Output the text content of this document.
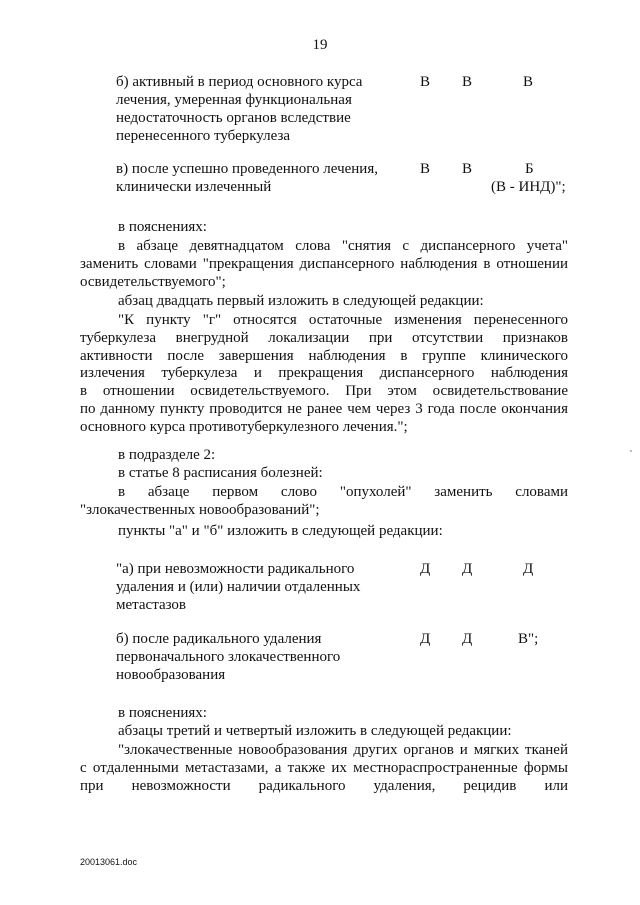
19
б) активный в период основного курса
лечения, умеренная функциональная
недостаточность органов вследствие
перенесенного туберкулеза
В В	В
в) после успешно проведенного лечения,
клинически излеченный
В В	Б
(В - ИНД)";
в пояснениях:
в абзаце девятнадцатом слова "снятия с диспансерного учета"
заменить словами "прекращения диспансерного наблюдения в отношении
освидетельствуемого";
абзац двадцать первый изложить в следующей редакции:
"К пункту "г" относятся остаточные изменения перенесенного
туберкулеза внегрудной локализации при отсутствии признаков
активности после завершения наблюдения в группе клинического
излечения туберкулеза и прекращения диспансерного наблюдения
в отношении освидетельствуемого. При этом освидетельствование
по данному пункту проводится не ранее чем через 3 года после окончания
основного курса противотуберкулезного лечения.";
в подразделе 2:
в статье 8 расписания болезней:
в абзаце первом слово "опухолей" заменить словами
"злокачественных новообразований";
пункты "а" и "б" изложить в следующей редакции:
"а) при невозможности радикального
удаления и (или) наличии отдаленных
метастазов
Д Д	Д
б) после радикального удаления
первоначального злокачественного
новообразования
Д Д	В";
в пояснениях:
абзацы третий и четвертый изложить в следующей редакции:
"злокачественные новообразования других органов и мягких тканей
с отдаленными метастазами, а также их местнораспространенные формы
при невозможности радикального удаления, рецидив или
20013061.doc
